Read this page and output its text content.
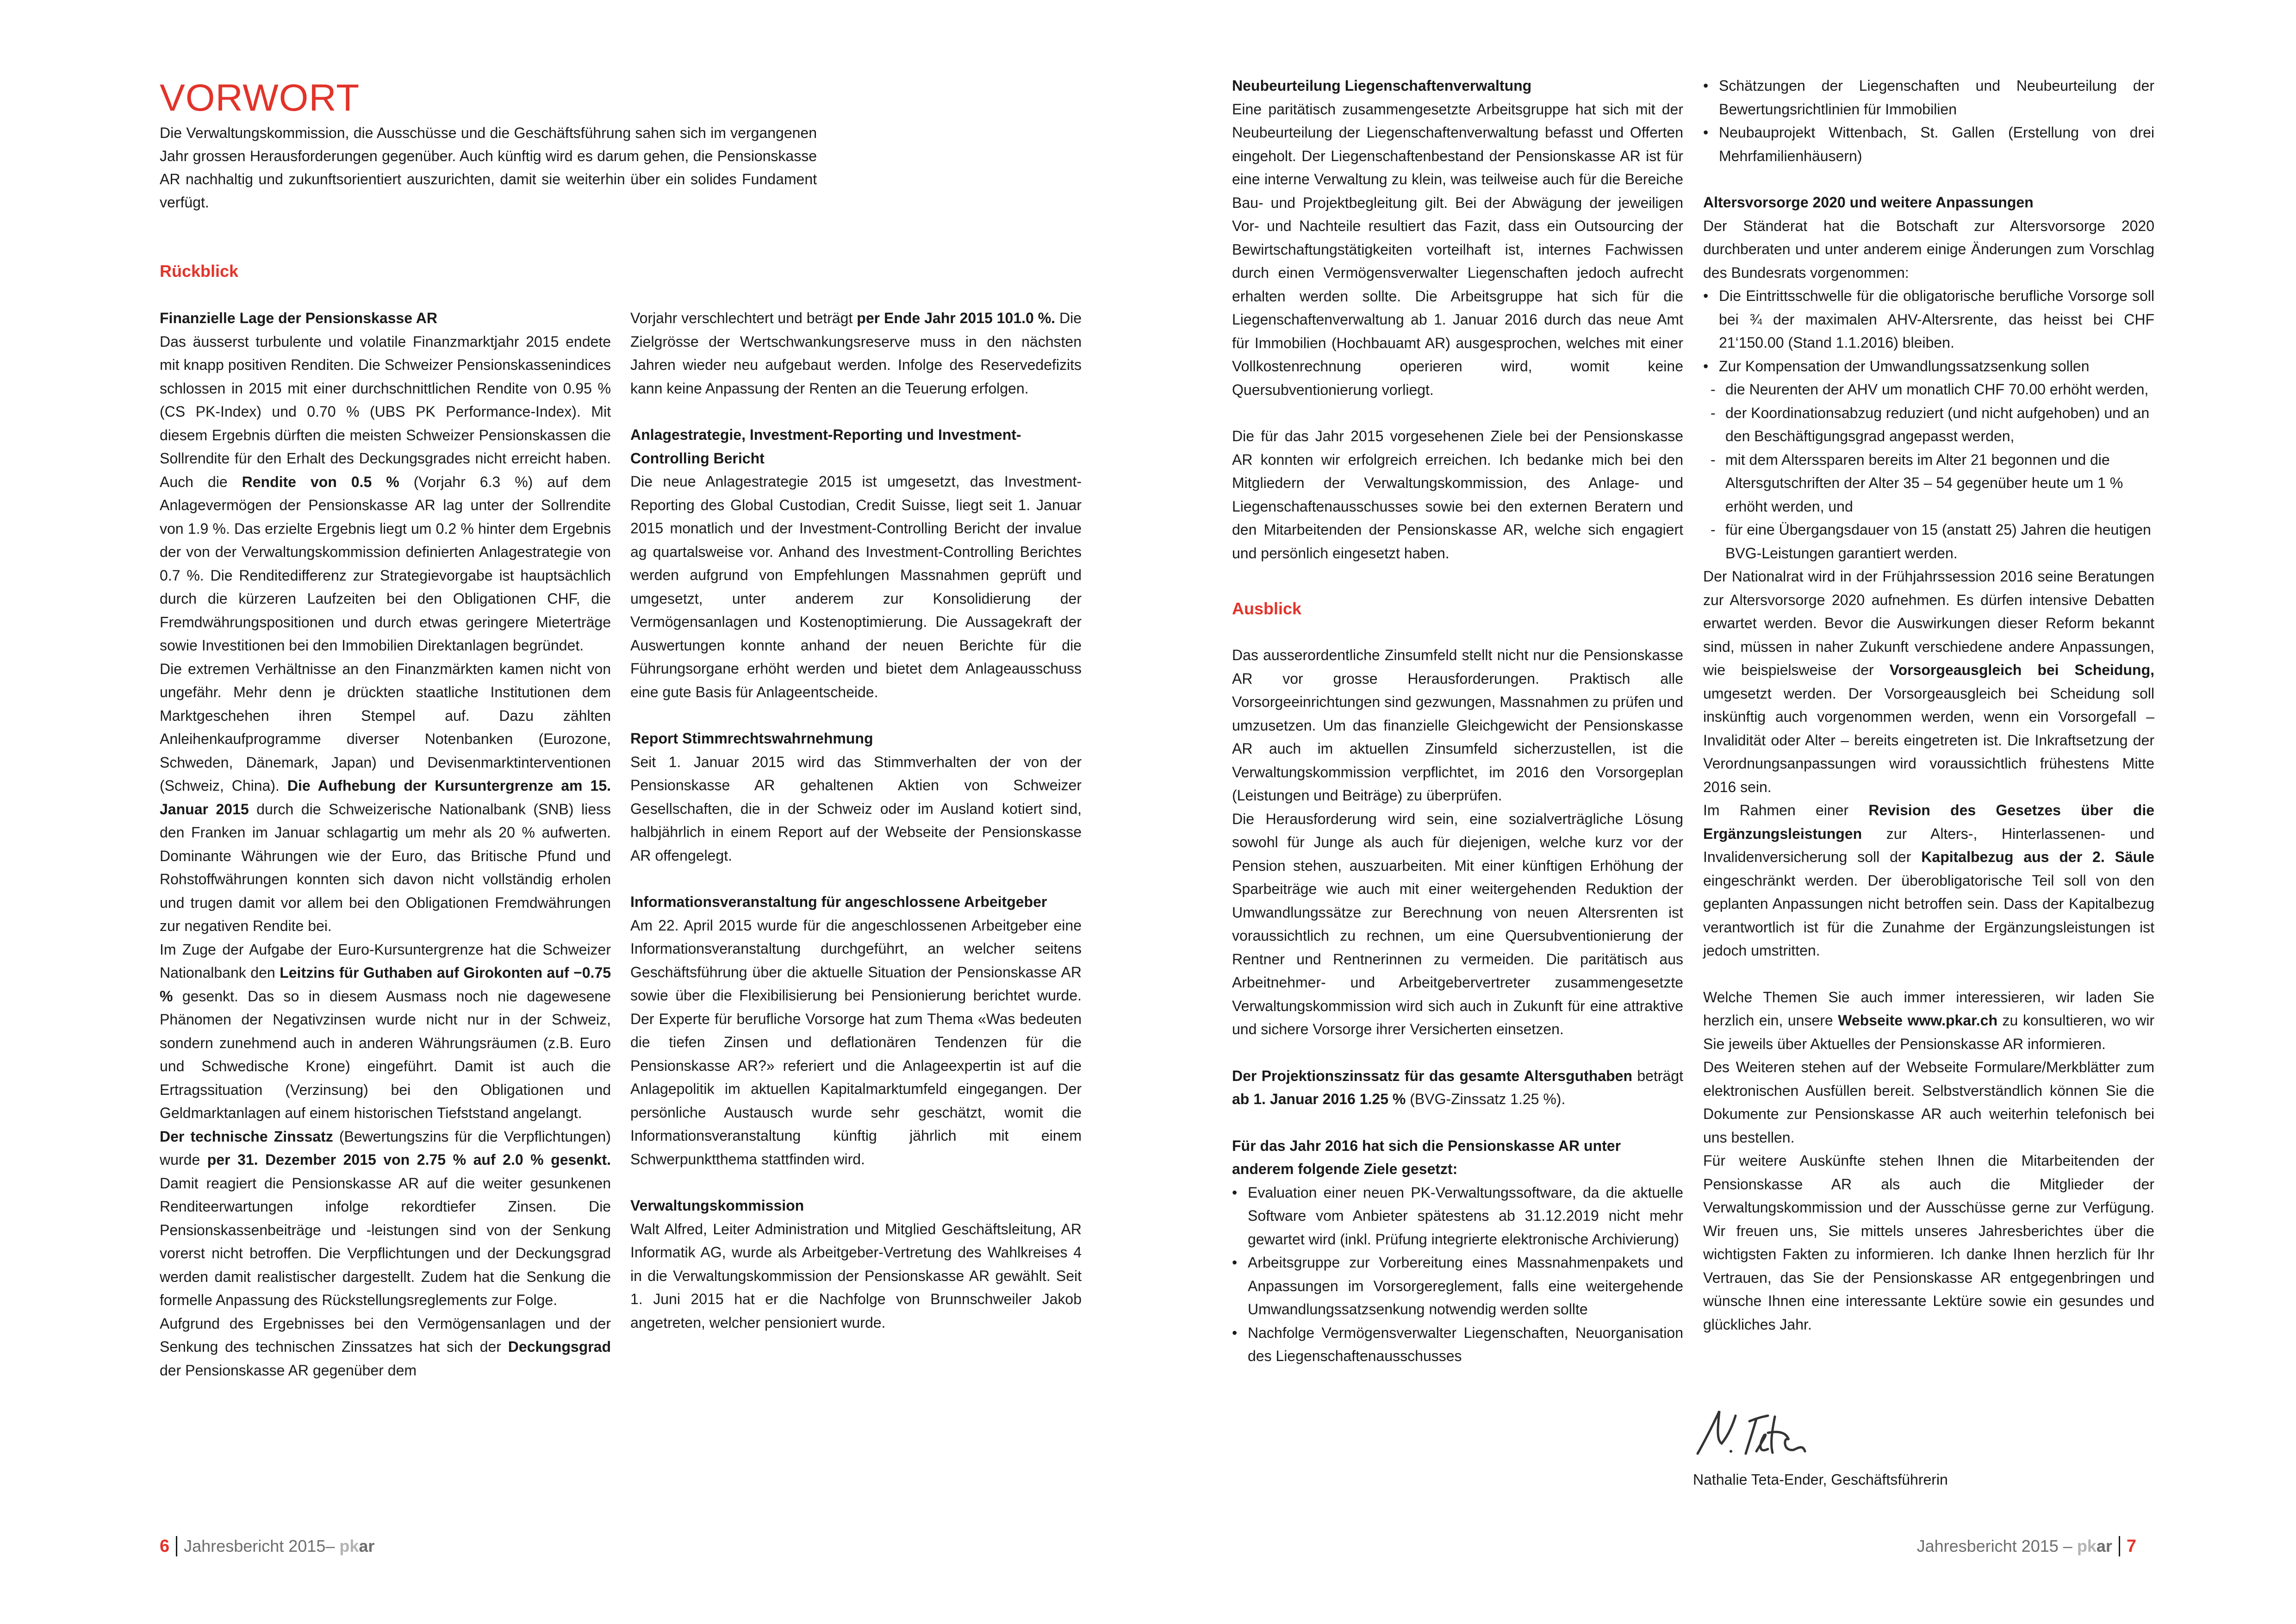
VORWORT

Die Verwaltungskommission, die Ausschüsse und die Geschäftsführung sahen sich im vergangenen Jahr grossen Herausforderungen gegenüber. Auch künftig wird es darum gehen, die Pensionskasse AR nachhaltig und zukunftsorientiert auszurichten, damit sie weiterhin über ein solides Fundament verfügt.

Rückblick
Finanzielle Lage der Pensionskasse AR

Das äusserst turbulente und volatile Finanzmarktjahr 2015 endete mit knapp positiven Renditen. Die Schweizer Pensionskassenindices schlossen in 2015 mit einer durchschnittlichen Rendite von 0.95 % (CS PK-Index) und 0.70 % (UBS PK Performance-Index). Mit diesem Ergebnis dürften die meisten Schweizer Pensionskassen die Sollrendite für den Erhalt des Deckungsgrades nicht erreicht haben. Auch die Rendite von 0.5 % (Vorjahr 6.3 %) auf dem Anlagevermögen der Pensionskasse AR lag unter der Sollrendite von 1.9 %. Das erzielte Ergebnis liegt um 0.2 % hinter dem Ergebnis der von der Verwaltungskommission definierten Anlagestrategie von 0.7 %. Die Renditedifferenz zur Strategievorgabe ist hauptsächlich durch die kürzeren Laufzeiten bei den Obligationen CHF, die Fremdwährungspositionen und durch etwas geringere Mieterträge sowie Investitionen bei den Immobilien Direktanlagen begründet.

Die extremen Verhältnisse an den Finanzmärkten kamen nicht von ungefähr. Mehr denn je drückten staatliche Institutionen dem Marktgeschehen ihren Stempel auf. Dazu zählten Anleihenkaufprogramme diverser Notenbanken (Eurozone, Schweden, Dänemark, Japan) und Devisenmarktinterventionen (Schweiz, China). Die Aufhebung der Kursuntergrenze am 15. Januar 2015 durch die Schweizerische Nationalbank (SNB) liess den Franken im Januar schlagartig um mehr als 20 % aufwerten. Dominante Währungen wie der Euro, das Britische Pfund und Rohstoffwährungen konnten sich davon nicht vollständig erholen und trugen damit vor allem bei den Obligationen Fremdwährungen zur negativen Rendite bei.

Im Zuge der Aufgabe der Euro-Kursuntergrenze hat die Schweizer Nationalbank den Leitzins für Guthaben auf Girokonten auf −0.75 % gesenkt. Das so in diesem Ausmass noch nie dagewesene Phänomen der Negativzinsen wurde nicht nur in der Schweiz, sondern zunehmend auch in anderen Währungsräumen (z.B. Euro und Schwedische Krone) eingeführt. Damit ist auch die Ertragssituation (Verzinsung) bei den Obligationen und Geldmarktanlagen auf einem historischen Tiefststand angelangt.

Der technische Zinssatz (Bewertungszins für die Verpflichtungen) wurde per 31. Dezember 2015 von 2.75 % auf 2.0 % gesenkt. Damit reagiert die Pensionskasse AR auf die weiter gesunkenen Renditeerwartungen infolge rekordtiefer Zinsen. Die Pensionskassenbeiträge und -leistungen sind von der Senkung vorerst nicht betroffen. Die Verpflichtungen und der Deckungsgrad werden damit realistischer dargestellt. Zudem hat die Senkung die formelle Anpassung des Rückstellungsreglements zur Folge.

Aufgrund des Ergebnisses bei den Vermögensanlagen und der Senkung des technischen Zinssatzes hat sich der Deckungsgrad der Pensionskasse AR gegenüber dem

Vorjahr verschlechtert und beträgt per Ende Jahr 2015 101.0 %. Die Zielgrösse der Wertschwankungsreserve muss in den nächsten Jahren wieder neu aufgebaut werden. Infolge des Reservedefizits kann keine Anpassung der Renten an die Teuerung erfolgen.

Anlagestrategie, Investment-Reporting und Investment-Controlling Bericht

Die neue Anlagestrategie 2015 ist umgesetzt, das Investment-Reporting des Global Custodian, Credit Suisse, liegt seit 1. Januar 2015 monatlich und der Investment-Controlling Bericht der invalue ag quartalsweise vor. Anhand des Investment-Controlling Berichtes werden aufgrund von Empfehlungen Massnahmen geprüft und umgesetzt, unter anderem zur Konsolidierung der Vermögensanlagen und Kostenoptimierung. Die Aussagekraft der Auswertungen konnte anhand der neuen Berichte für die Führungsorgane erhöht werden und bietet dem Anlageausschuss eine gute Basis für Anlageentscheide.

Report Stimmrechtswahrnehmung

Seit 1. Januar 2015 wird das Stimmverhalten der von der Pensionskasse AR gehaltenen Aktien von Schweizer Gesellschaften, die in der Schweiz oder im Ausland kotiert sind, halbjährlich in einem Report auf der Webseite der Pensionskasse AR offengelegt.

Informationsveranstaltung für angeschlossene Arbeitgeber

Am 22. April 2015 wurde für die angeschlossenen Arbeitgeber eine Informationsveranstaltung durchgeführt, an welcher seitens Geschäftsführung über die aktuelle Situation der Pensionskasse AR sowie über die Flexibilisierung bei Pensionierung berichtet wurde. Der Experte für berufliche Vorsorge hat zum Thema «Was bedeuten die tiefen Zinsen und deflationären Tendenzen für die Pensionskasse AR?» referiert und die Anlageexpertin ist auf die Anlagepolitik im aktuellen Kapitalmarktumfeld eingegangen. Der persönliche Austausch wurde sehr geschätzt, womit die Informationsveranstaltung künftig jährlich mit einem Schwerpunktthema stattfinden wird.

Verwaltungskommission

Walt Alfred, Leiter Administration und Mitglied Geschäftsleitung, AR Informatik AG, wurde als Arbeitgeber-Vertretung des Wahlkreises 4 in die Verwaltungskommission der Pensionskasse AR gewählt. Seit 1. Juni 2015 hat er die Nachfolge von Brunnschweiler Jakob angetreten, welcher pensioniert wurde.

6 Jahresbericht 2015– pkar
Neubeurteilung Liegenschaftenverwaltung

Eine paritätisch zusammengesetzte Arbeitsgruppe hat sich mit der Neubeurteilung der Liegenschaftenverwaltung befasst und Offerten eingeholt. Der Liegenschaftenbestand der Pensionskasse AR ist für eine interne Verwaltung zu klein, was teilweise auch für die Bereiche Bau- und Projektbegleitung gilt. Bei der Abwägung der jeweiligen Vor- und Nachteile resultiert das Fazit, dass ein Outsourcing der Bewirtschaftungstätigkeiten vorteilhaft ist, internes Fachwissen durch einen Vermögensverwalter Liegenschaften jedoch aufrecht erhalten werden sollte. Die Arbeitsgruppe hat sich für die Liegenschaftenverwaltung ab 1. Januar 2016 durch das neue Amt für Immobilien (Hochbauamt AR) ausgesprochen, welches mit einer Vollkostenrechnung operieren wird, womit keine Quersubventionierung vorliegt.

Die für das Jahr 2015 vorgesehenen Ziele bei der Pensionskasse AR konnten wir erfolgreich erreichen. Ich bedanke mich bei den Mitgliedern der Verwaltungskommission, des Anlage- und Liegenschaftenausschusses sowie bei den externen Beratern und den Mitarbeitenden der Pensionskasse AR, welche sich engagiert und persönlich eingesetzt haben.

Ausblick

Das ausserordentliche Zinsumfeld stellt nicht nur die Pensionskasse AR vor grosse Herausforderungen. Praktisch alle Vorsorgeeinrichtungen sind gezwungen, Massnahmen zu prüfen und umzusetzen. Um das finanzielle Gleichgewicht der Pensionskasse AR auch im aktuellen Zinsumfeld sicherzustellen, ist die Verwaltungskommission verpflichtet, im 2016 den Vorsorgeplan (Leistungen und Beiträge) zu überprüfen.

Die Herausforderung wird sein, eine sozialverträgliche Lösung sowohl für Junge als auch für diejenigen, welche kurz vor der Pension stehen, auszuarbeiten. Mit einer künftigen Erhöhung der Sparbeiträge wie auch mit einer weitergehenden Reduktion der Umwandlungssätze zur Berechnung von neuen Altersrenten ist voraussichtlich zu rechnen, um eine Quersubventionierung der Rentner und Rentnerinnen zu vermeiden. Die paritätisch aus Arbeitnehmer- und Arbeitgebervertreter zusammengesetzte Verwaltungskommission wird sich auch in Zukunft für eine attraktive und sichere Vorsorge ihrer Versicherten einsetzen.

Der Projektionszinssatz für das gesamte Altersguthaben beträgt ab 1. Januar 2016 1.25 % (BVG-Zinssatz 1.25 %).

Für das Jahr 2016 hat sich die Pensionskasse AR unter anderem folgende Ziele gesetzt:
• Evaluation einer neuen PK-Verwaltungssoftware, da die aktuelle Software vom Anbieter spätestens ab 31.12.2019 nicht mehr gewartet wird (inkl. Prüfung integrierte elektronische Archivierung)
• Arbeitsgruppe zur Vorbereitung eines Massnahmenpakets und Anpassungen im Vorsorgereglement, falls eine weitergehende Umwandlungssatzsenkung notwendig werden sollte
• Nachfolge Vermögensverwalter Liegenschaften, Neuorganisation des Liegenschaftenausschusses
• Schätzungen der Liegenschaften und Neubeurteilung der Bewertungsrichtlinien für Immobilien
• Neubauprojekt Wittenbach, St. Gallen (Erstellung von drei Mehrfamilienhäusern)
Altersvorsorge 2020 und weitere Anpassungen

Der Ständerat hat die Botschaft zur Altersvorsorge 2020 durchberaten und unter anderem einige Änderungen zum Vorschlag des Bundesrats vorgenommen:

• Die Eintrittsschwelle für die obligatorische berufliche Vorsorge soll bei ¾ der maximalen AHV-Altersrente, das heisst bei CHF 21‘150.00 (Stand 1.1.2016) bleiben.
• Zur Kompensation der Umwandlungssatzsenkung sollen
- die Neurenten der AHV um monatlich CHF 70.00 erhöht werden,
- der Koordinationsabzug reduziert (und nicht aufgehoben) und an den Beschäftigungsgrad angepasst werden,
- mit dem Alterssparen bereits im Alter 21 begonnen und die Altersgutschriften der Alter 35 – 54 gegenüber heute um 1 % erhöht werden, und
- für eine Übergangsdauer von 15 (anstatt 25) Jahren die heutigen BVG-Leistungen garantiert werden.

Der Nationalrat wird in der Frühjahrssession 2016 seine Beratungen zur Altersvorsorge 2020 aufnehmen. Es dürfen intensive Debatten erwartet werden. Bevor die Auswirkungen dieser Reform bekannt sind, müssen in naher Zukunft verschiedene andere Anpassungen, wie beispielsweise der Vorsorgeausgleich bei Scheidung, umgesetzt werden. Der Vorsorgeausgleich bei Scheidung soll inskünftig auch vorgenommen werden, wenn ein Vorsorgefall – Invalidität oder Alter – bereits eingetreten ist. Die Inkraftsetzung der Verordnungsanpassungen wird voraussichtlich frühestens Mitte 2016 sein.

Im Rahmen einer Revision des Gesetzes über die Ergänzungsleistungen zur Alters-, Hinterlassenen- und Invalidenversicherung soll der Kapitalbezug aus der 2. Säule eingeschränkt werden. Der überobligatorische Teil soll von den geplanten Anpassungen nicht betroffen sein. Dass der Kapitalbezug verantwortlich ist für die Zunahme der Ergänzungsleistungen ist jedoch umstritten.

Welche Themen Sie auch immer interessieren, wir laden Sie herzlich ein, unsere Webseite www.pkar.ch zu konsultieren, wo wir Sie jeweils über Aktuelles der Pensionskasse AR informieren.

Des Weiteren stehen auf der Webseite Formulare/Merkblätter zum elektronischen Ausfüllen bereit. Selbstverständlich können Sie die Dokumente zur Pensionskasse AR auch weiterhin telefonisch bei uns bestellen.

Für weitere Auskünfte stehen Ihnen die Mitarbeitenden der Pensionskasse AR als auch die Mitglieder der Verwaltungskommission und der Ausschüsse gerne zur Verfügung. Wir freuen uns, Sie mittels unseres Jahresberichtes über die wichtigsten Fakten zu informieren. Ich danke Ihnen herzlich für Ihr Vertrauen, das Sie der Pensionskasse AR entgegenbringen und wünsche Ihnen eine interessante Lektüre sowie ein gesundes und glückliches Jahr.

Nathalie Teta-Ender, Geschäftsführerin
Jahresbericht 2015 – pkar 7
